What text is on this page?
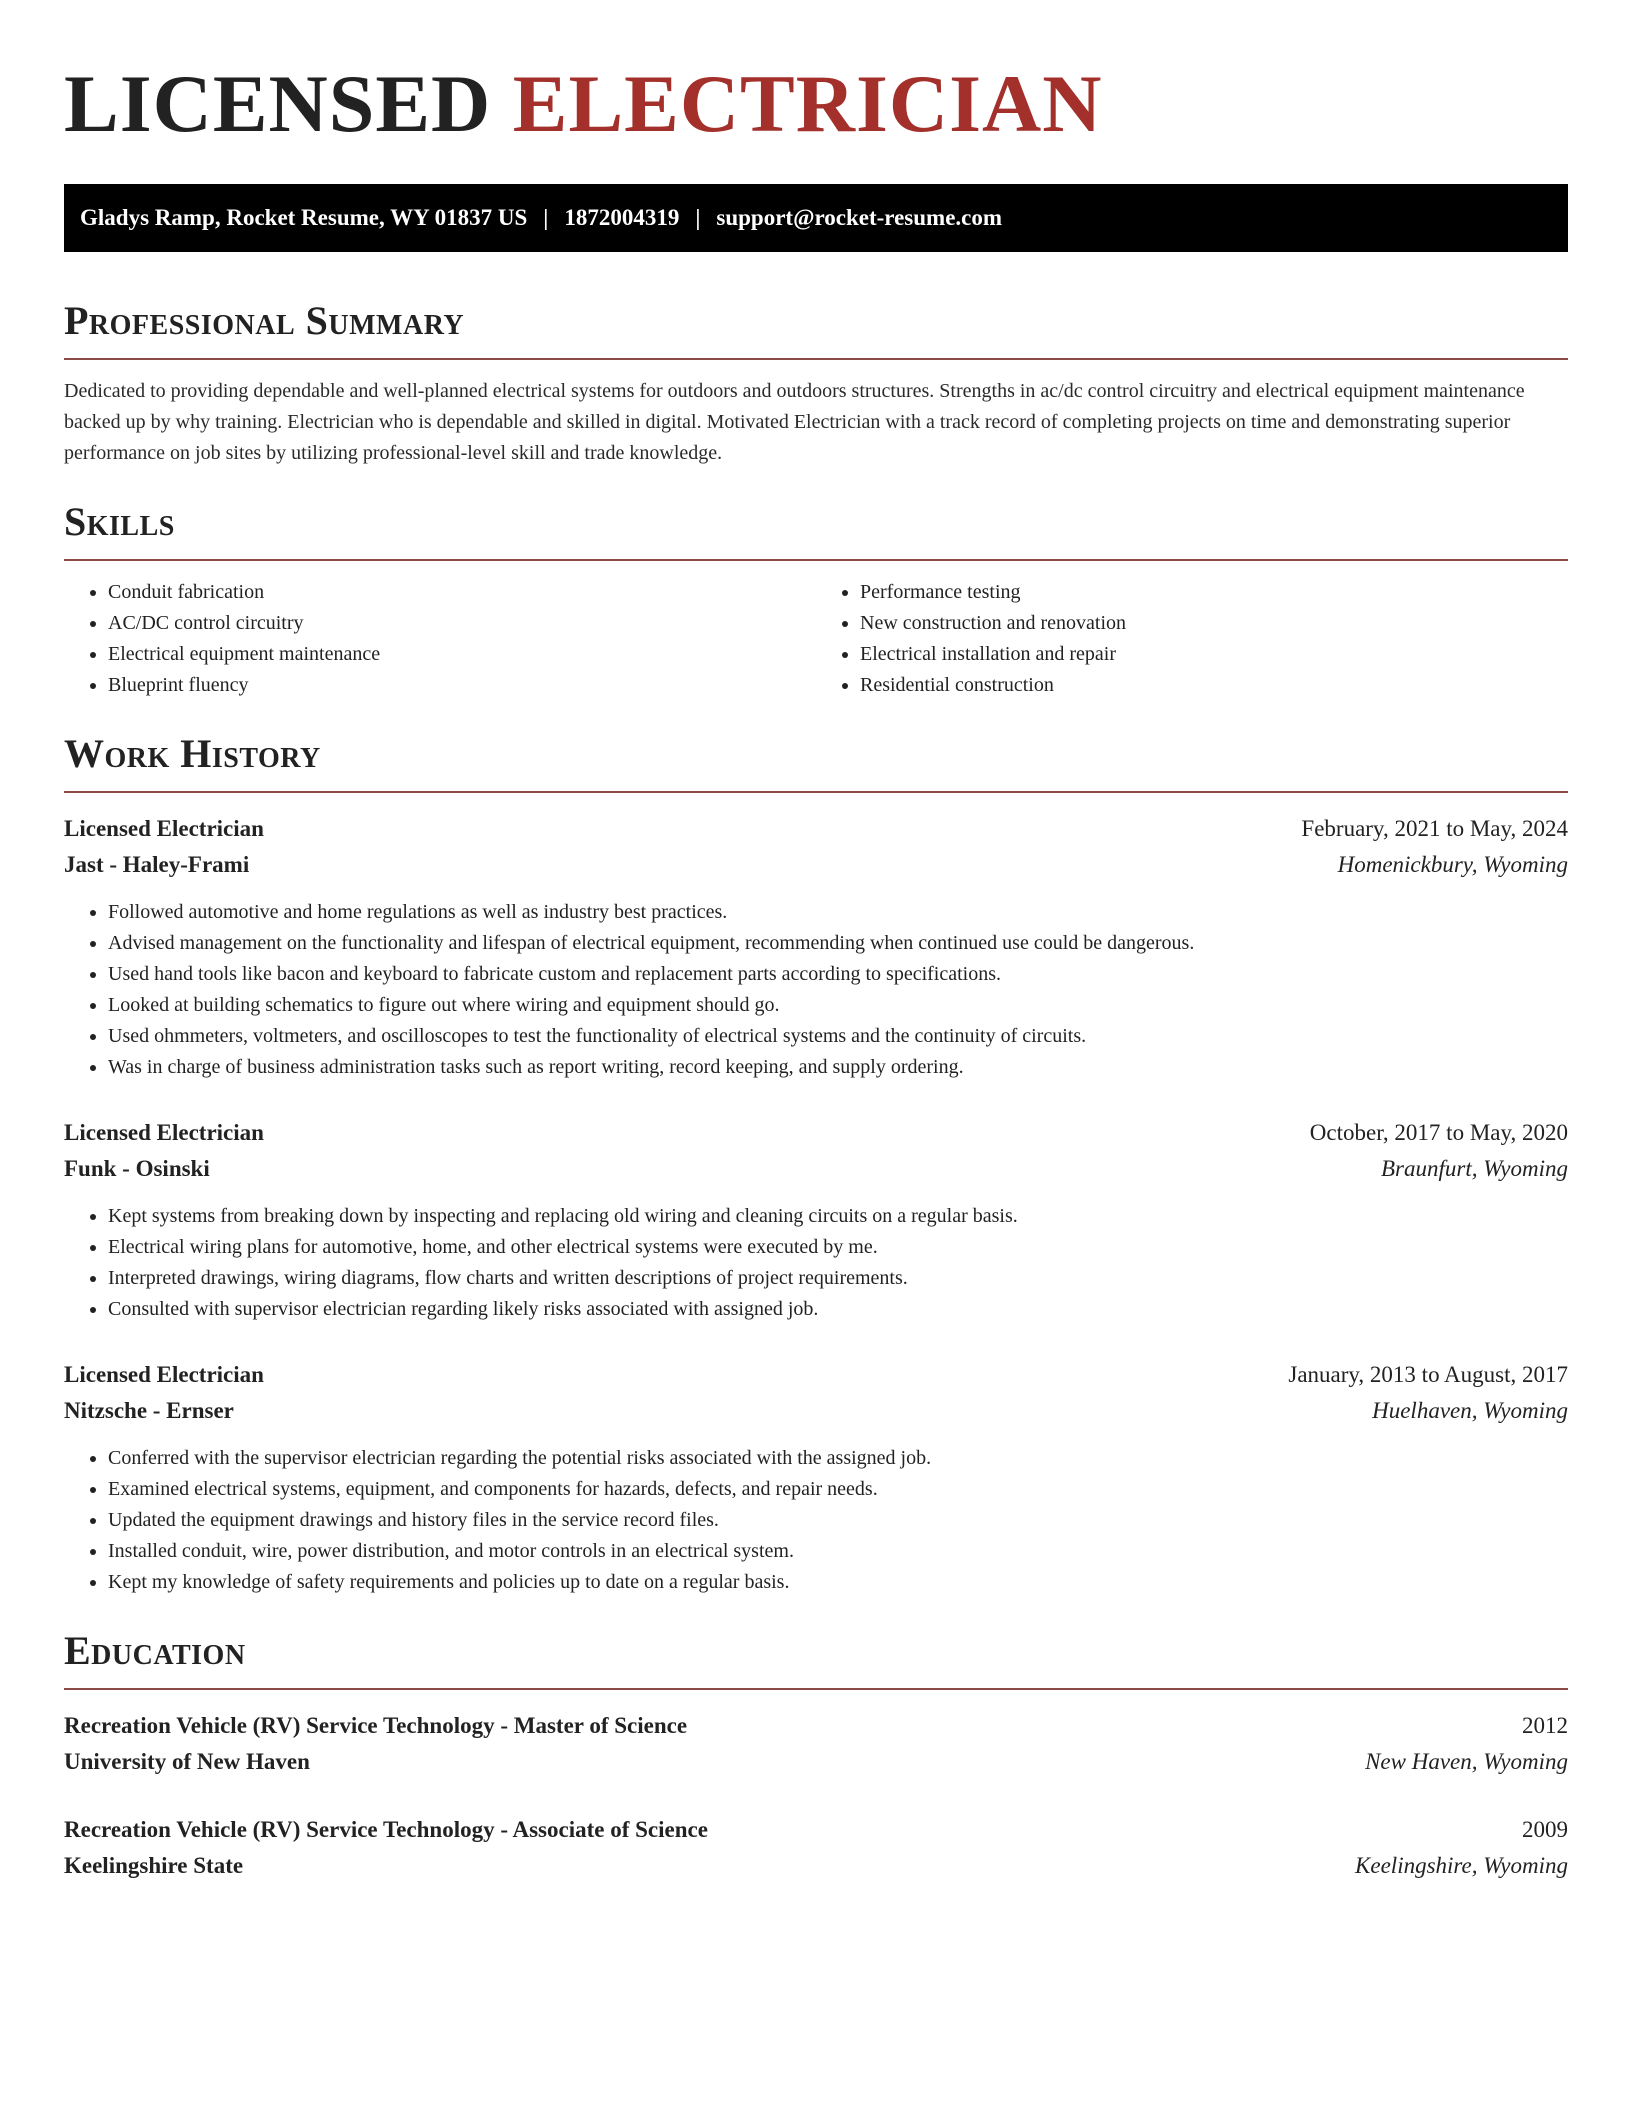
LICENSED ELECTRICIAN
Gladys Ramp, Rocket Resume, WY 01837 US | 1872004319 | support@rocket-resume.com
Professional Summary

Dedicated to providing dependable and well-planned electrical systems for outdoors and outdoors structures. Strengths in ac/dc control circuitry and electrical equipment maintenance backed up by why training. Electrician who is dependable and skilled in digital. Motivated Electrician with a track record of completing projects on time and demonstrating superior performance on job sites by utilizing professional-level skill and trade knowledge.

Skills
• Conduit fabrication
• AC/DC control circuitry
• Electrical equipment maintenance
• Blueprint fluency
• Performance testing
• New construction and renovation
• Electrical installation and repair
• Residential construction
Work History
Licensed Electrician	February, 2021 to May, 2024
Jast - Haley-Frami	Homenickbury, Wyoming
• Followed automotive and home regulations as well as industry best practices.
• Advised management on the functionality and lifespan of electrical equipment, recommending when continued use could be dangerous.
• Used hand tools like bacon and keyboard to fabricate custom and replacement parts according to specifications.
• Looked at building schematics to figure out where wiring and equipment should go.
• Used ohmmeters, voltmeters, and oscilloscopes to test the functionality of electrical systems and the continuity of circuits.
• Was in charge of business administration tasks such as report writing, record keeping, and supply ordering.
Licensed Electrician	October, 2017 to May, 2020
Funk - Osinski	Braunfurt, Wyoming
• Kept systems from breaking down by inspecting and replacing old wiring and cleaning circuits on a regular basis.
• Electrical wiring plans for automotive, home, and other electrical systems were executed by me.
• Interpreted drawings, wiring diagrams, flow charts and written descriptions of project requirements.
• Consulted with supervisor electrician regarding likely risks associated with assigned job.
Licensed Electrician	January, 2013 to August, 2017
Nitzsche - Ernser	Huelhaven, Wyoming
• Conferred with the supervisor electrician regarding the potential risks associated with the assigned job.
• Examined electrical systems, equipment, and components for hazards, defects, and repair needs.
• Updated the equipment drawings and history files in the service record files.
• Installed conduit, wire, power distribution, and motor controls in an electrical system.
• Kept my knowledge of safety requirements and policies up to date on a regular basis.
Education
Recreation Vehicle (RV) Service Technology - Master of Science	2012
University of New Haven	New Haven, Wyoming
Recreation Vehicle (RV) Service Technology - Associate of Science	2009
Keelingshire State	Keelingshire, Wyoming
